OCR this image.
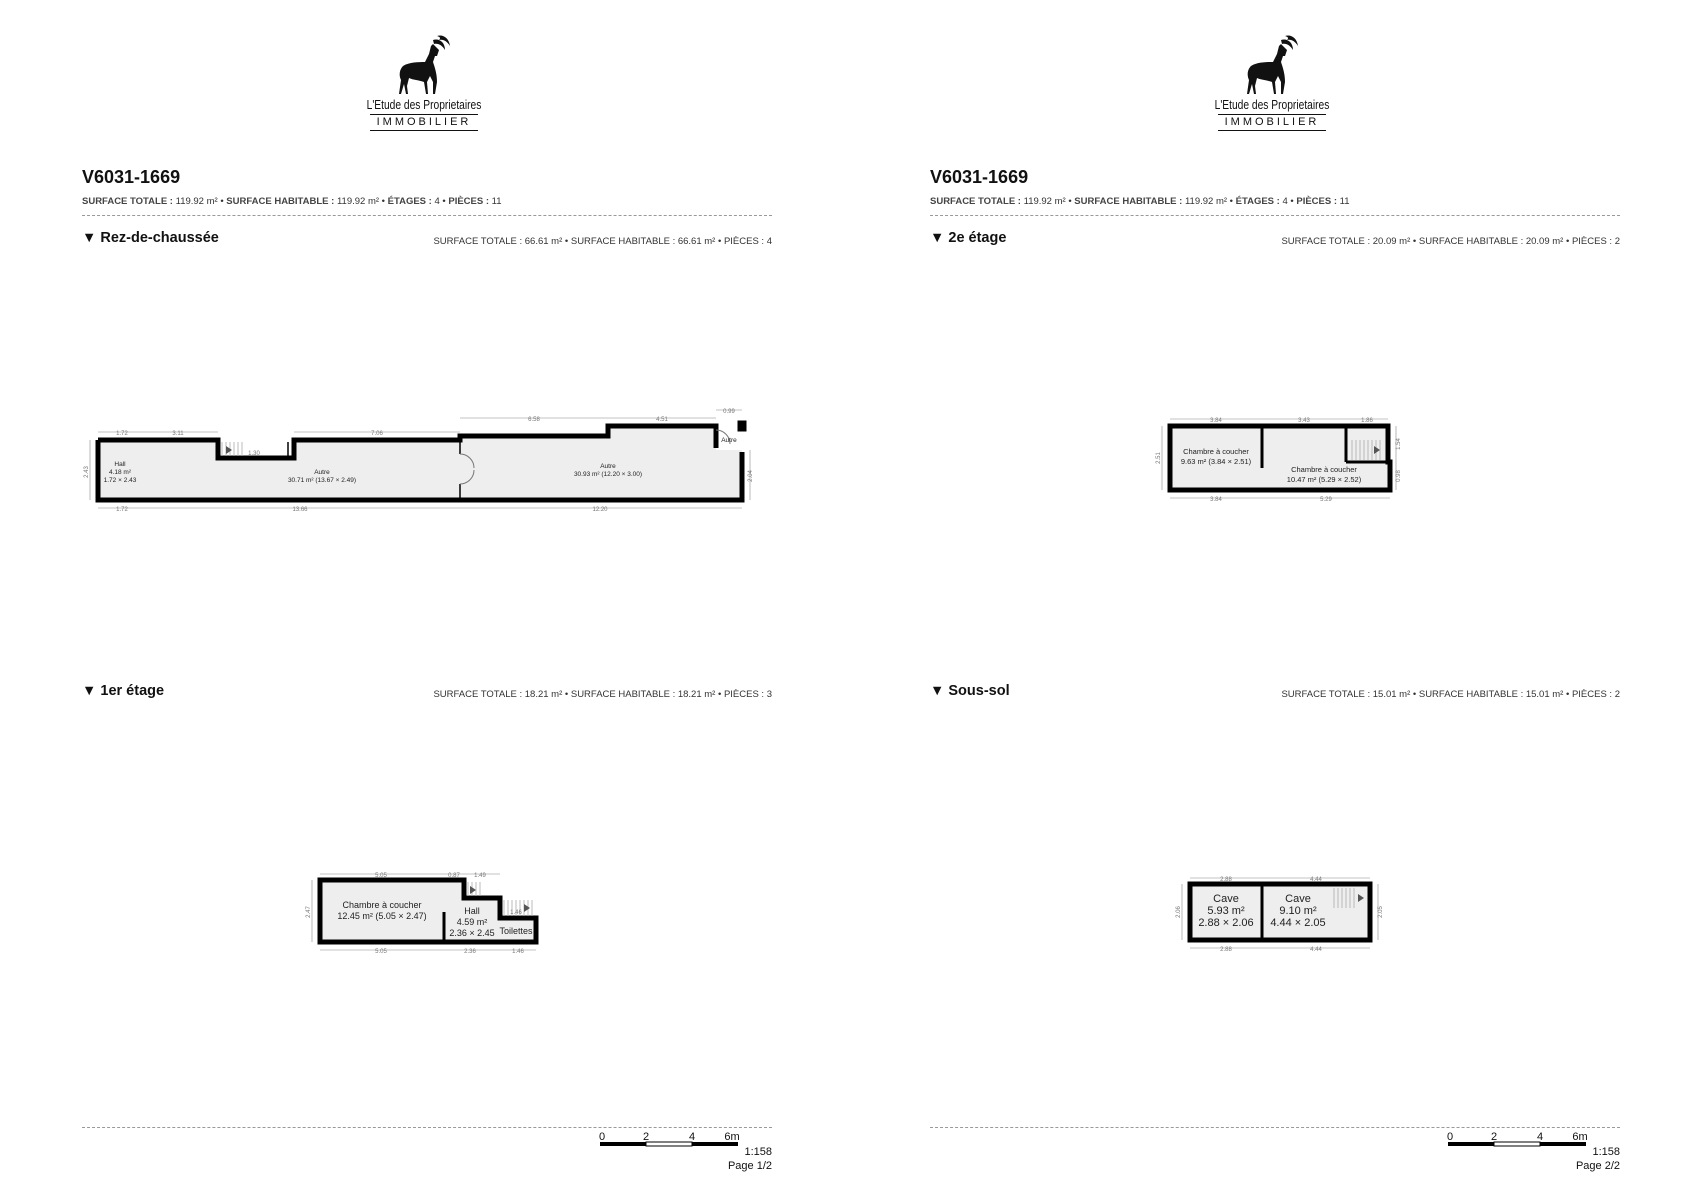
L'Etude des Proprietaires
IMMOBILIER
V6031-1669
SURFACE TOTALE : 119.92 m² • SURFACE HABITABLE : 119.92 m² • ÉTAGES : 4 • PIÈCES : 11
▼ Rez-de-chaussée	SURFACE TOTALE : 66.61 m² • SURFACE HABITABLE : 66.61 m² • PIÈCES : 4
1.72	3.11	7.06
6.58	4.51
0.99
2.43
1.30
2.04
1.72	13.66	12.20
Hall
4.18 m²
1.72 × 2.43
Autre
30.71 m² (13.67 × 2.49)
Autre
30.93 m² (12.20 × 3.00)
Autre
▼ 1er étage	SURFACE TOTALE : 18.21 m² • SURFACE HABITABLE : 18.21 m² • PIÈCES : 3
5.05	0.87 1.49
2.47	1.46
5.05	2.36	1.46
Chambre à coucher
12.45 m² (5.05 × 2.47)	Hall
4.59 m²
2.36 × 2.45 Toilettes
0	2	4	6m
1:158
Page 1/2
L'Etude des Proprietaires
IMMOBILIER
V6031-1669
SURFACE TOTALE : 119.92 m² • SURFACE HABITABLE : 119.92 m² • ÉTAGES : 4 • PIÈCES : 11
▼ 2e étage	SURFACE TOTALE : 20.09 m² • SURFACE HABITABLE : 20.09 m² • PIÈCES : 2
3.84	3.43	1.86
2.51
1.54
0.98
3.84	5.29
Chambre à coucher
9.63 m² (3.84 × 2.51)
Chambre à coucher
10.47 m² (5.29 × 2.52)
▼ Sous-sol	SURFACE TOTALE : 15.01 m² • SURFACE HABITABLE : 15.01 m² • PIÈCES : 2
2.88	4.44
2.06	2.05
2.88	4.44
Cave
5.93 m²
2.88 × 2.06
Cave
9.10 m²
4.44 × 2.05
0	2	4	6m
1:158
Page 2/2
